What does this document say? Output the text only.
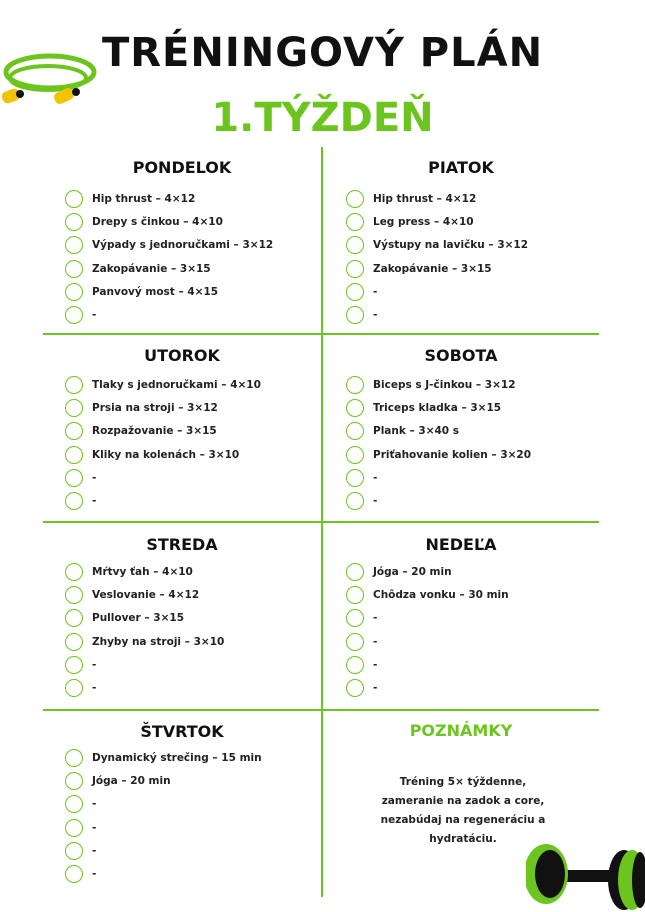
TRÉNINGOVÝ PLÁN
1.TÝŽDEŇ
PONDELOK
Hip thrust – 4×12
Drepy s činkou – 4×10
Výpady s jednoručkami – 3×12
Zakopávanie – 3×15
Panvový most – 4×15
-
PIATOK
Hip thrust – 4×12
Leg press – 4×10
Výstupy na lavičku – 3×12
Zakopávanie – 3×15
-
-
UTOROK
Tlaky s jednoručkami – 4×10
Prsia na stroji – 3×12
Rozpažovanie – 3×15
Kliky na kolenách – 3×10
-
-
SOBOTA
Biceps s J-činkou – 3×12
Triceps kladka – 3×15
Plank – 3×40 s
Priťahovanie kolien – 3×20
-
-
STREDA
Mŕtvy ťah – 4×10
Veslovanie – 4×12
Pullover – 3×15
Zhyby na stroji – 3×10
-
-
NEDEĽA
Jóga – 20 min
Chôdza vonku – 30 min
-
-
-
-
ŠTVRTOK
Dynamický strečing – 15 min
Jóga – 20 min
-
-
-
-
POZNÁMKY
Tréning 5× týždenne, zameranie na zadok a core, nezabúdaj na regeneráciu a hydratáciu.
